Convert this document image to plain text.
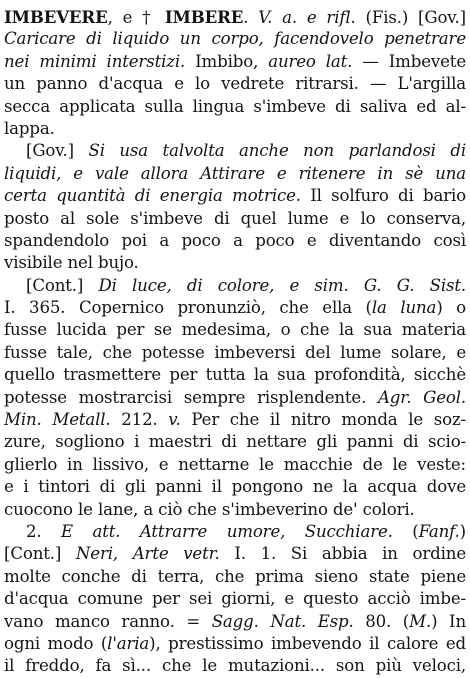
IMBEVERE, e † IMBERE. V. a. e rifl. (Fis.) [Gov.]
Caricare di liquido un corpo, facendovelo penetrare
nei minimi interstizi. Imbibo, aureo lat. — Imbevete
un panno d'acqua e lo vedrete ritrarsi. — L'argilla
secca applicata sulla lingua s'imbeve di saliva ed al-
lappa.
[Gov.] Si usa talvolta anche non parlandosi di
liquidi, e vale allora Attirare e ritenere in sè una
certa quantità di energia motrice. Il solfuro di bario
posto al sole s'imbeve di quel lume e lo conserva,
spandendolo poi a poco a poco e diventando così
visibile nel bujo.
[Cont.] Di luce, di colore, e sim. G. G. Sist.
I. 365. Copernico pronunziò, che ella (la luna) o
fusse lucida per se medesima, o che la sua materia
fusse tale, che potesse imbeversi del lume solare, e
quello trasmettere per tutta la sua profondità, sicchè
potesse mostrarcisi sempre risplendente. Agr. Geol.
Min. Metall. 212. v. Per che il nitro monda le soz-
zure, sogliono i maestri di nettare gli panni di scio-
glierlo in lissivo, e nettarne le macchie de le veste:
e i tintori di gli panni il pongono ne la acqua dove
cuocono le lane, a ciò che s'imbeverino de' colori.
2. E att. Attrarre umore, Succhiare. (Fanf.)
[Cont.] Neri, Arte vetr. I. 1. Si abbia in ordine
molte conche di terra, che prima sieno state piene
d'acqua comune per sei giorni, e questo acciò imbe-
vano manco ranno. = Sagg. Nat. Esp. 80. (M.) In
ogni modo (l'aria), prestissimo imbevendo il calore ed
il freddo, fa sì... che le mutazioni... son più veloci,
